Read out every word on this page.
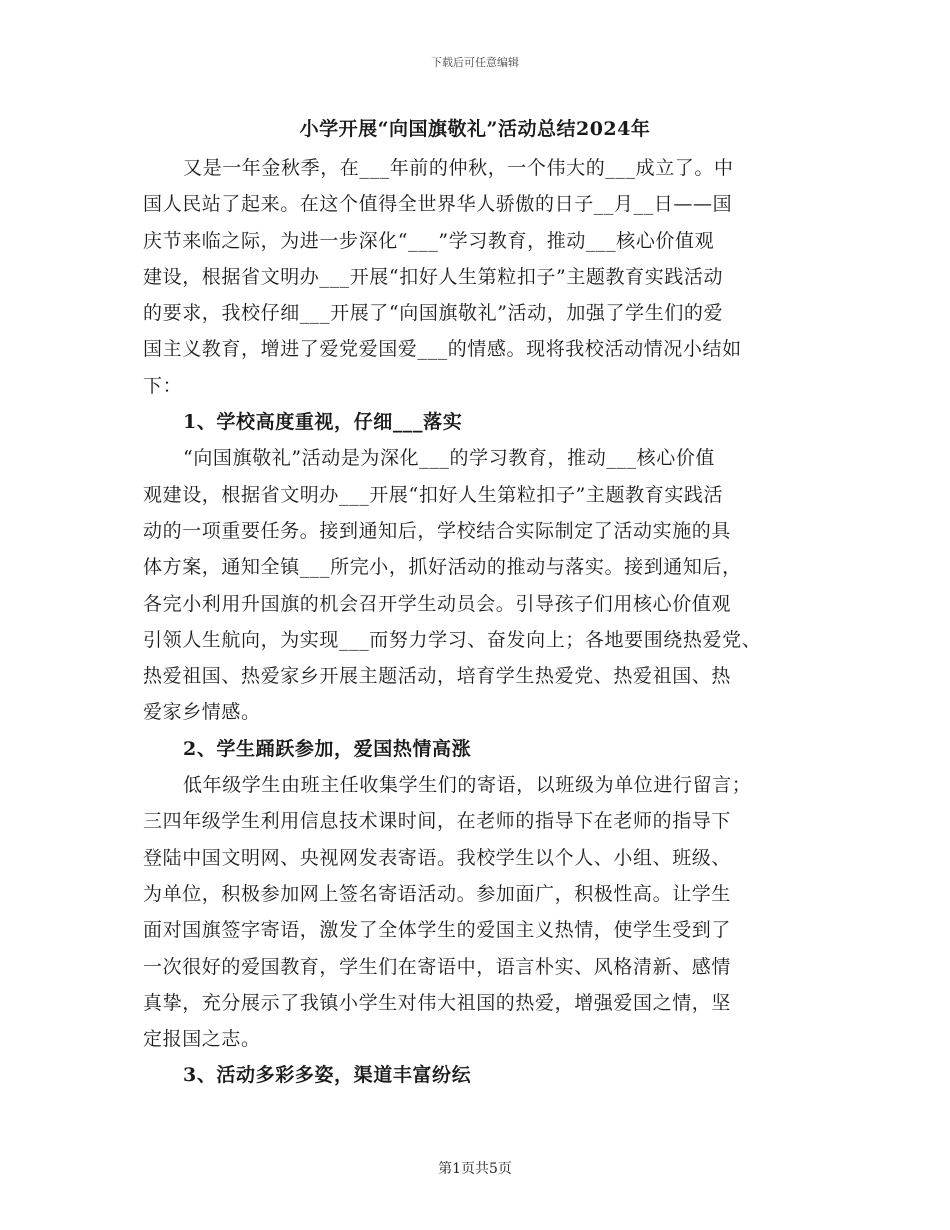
下载后可任意编辑
小学开展“向国旗敬礼”活动总结2024年
又是一年金秋季，在___年前的仲秋，一个伟大的___成立了。中
国人民站了起来。在这个值得全世界华人骄傲的日子__月__日——国
庆节来临之际，为进一步深化“___”学习教育，推动___核心价值观
建设，根据省文明办___开展“扣好人生第粒扣子”主题教育实践活动
的要求，我校仔细___开展了“向国旗敬礼”活动，加强了学生们的爱
国主义教育，增进了爱党爱国爱___的情感。现将我校活动情况小结如
下：
1、学校高度重视，仔细___落实
“向国旗敬礼”活动是为深化___的学习教育，推动___核心价值
观建设，根据省文明办___开展“扣好人生第粒扣子”主题教育实践活
动的一项重要任务。接到通知后，学校结合实际制定了活动实施的具
体方案，通知全镇___所完小，抓好活动的推动与落实。接到通知后，
各完小利用升国旗的机会召开学生动员会。引导孩子们用核心价值观
引领人生航向，为实现___而努力学习、奋发向上；各地要围绕热爱党、
热爱祖国、热爱家乡开展主题活动，培育学生热爱党、热爱祖国、热
爱家乡情感。
2、学生踊跃参加，爱国热情高涨
低年级学生由班主任收集学生们的寄语，以班级为单位进行留言；
三四年级学生利用信息技术课时间，在老师的指导下在老师的指导下
登陆中国文明网、央视网发表寄语。我校学生以个人、小组、班级、
为单位，积极参加网上签名寄语活动。参加面广，积极性高。让学生
面对国旗签字寄语，激发了全体学生的爱国主义热情，使学生受到了
一次很好的爱国教育，学生们在寄语中，语言朴实、风格清新、感情
真挚，充分展示了我镇小学生对伟大祖国的热爱，增强爱国之情，坚
定报国之志。
3、活动多彩多姿，渠道丰富纷纭
第1页共5页
